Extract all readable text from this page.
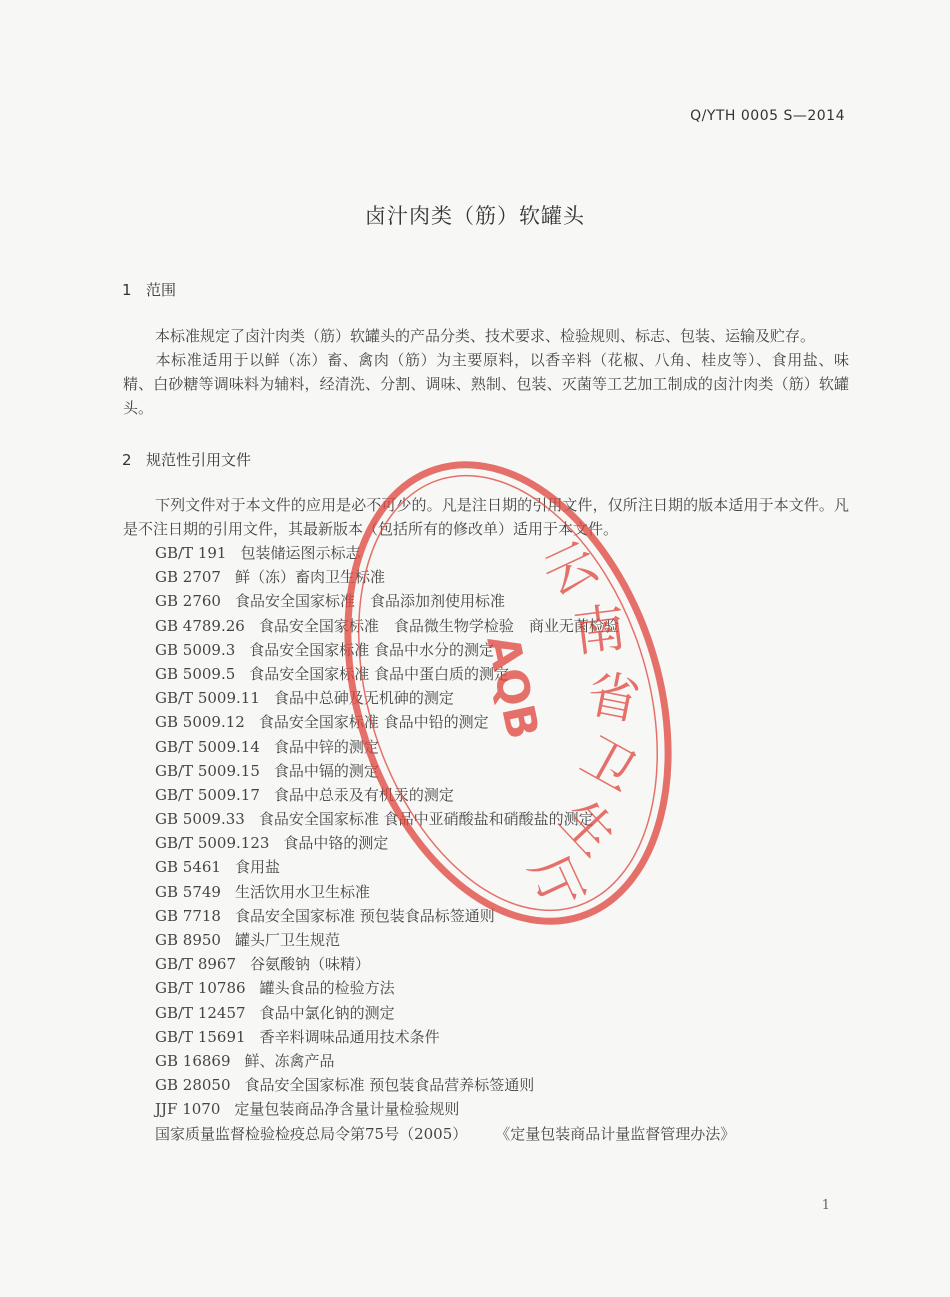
Q/YTH 0005 S—2014
卤汁肉类（筋）软罐头
1 范围
本标准规定了卤汁肉类（筋）软罐头的产品分类、技术要求、检验规则、标志、包装、运输及贮存。
本标准适用于以鲜（冻）畜、禽肉（筋）为主要原料，以香辛料（花椒、八角、桂皮等）、食用盐、味精、白砂糖等调味料为辅料，经清洗、分割、调味、熟制、包装、灭菌等工艺加工制成的卤汁肉类（筋）软罐头。
2 规范性引用文件
下列文件对于本文件的应用是必不可少的。凡是注日期的引用文件，仅所注日期的版本适用于本文件。凡是不注日期的引用文件，其最新版本（包括所有的修改单）适用于本文件。
GB/T 191 包装储运图示标志
GB 2707 鲜（冻）畜肉卫生标准
GB 2760 食品安全国家标准　食品添加剂使用标准
GB 4789.26 食品安全国家标准　食品微生物学检验　商业无菌检验
GB 5009.3 食品安全国家标准 食品中水分的测定
GB 5009.5 食品安全国家标准 食品中蛋白质的测定
GB/T 5009.11 食品中总砷及无机砷的测定
GB 5009.12 食品安全国家标准 食品中铅的测定
GB/T 5009.14 食品中锌的测定
GB/T 5009.15 食品中镉的测定
GB/T 5009.17 食品中总汞及有机汞的测定
GB 5009.33 食品安全国家标准 食品中亚硝酸盐和硝酸盐的测定
GB/T 5009.123 食品中铬的测定
GB 5461 食用盐
GB 5749 生活饮用水卫生标准
GB 7718 食品安全国家标准 预包装食品标签通则
GB 8950 罐头厂卫生规范
GB/T 8967 谷氨酸钠（味精）
GB/T 10786 罐头食品的检验方法
GB/T 12457 食品中氯化钠的测定
GB/T 15691 香辛料调味品通用技术条件
GB 16869 鲜、冻禽产品
GB 28050 食品安全国家标准 预包装食品营养标签通则
JJF 1070 定量包装商品净含量计量检验规则
国家质量监督检验检疫总局令第75号（2005） 《定量包装商品计量监督管理办法》
1
云
南
省
卫
生
厅
AQB
